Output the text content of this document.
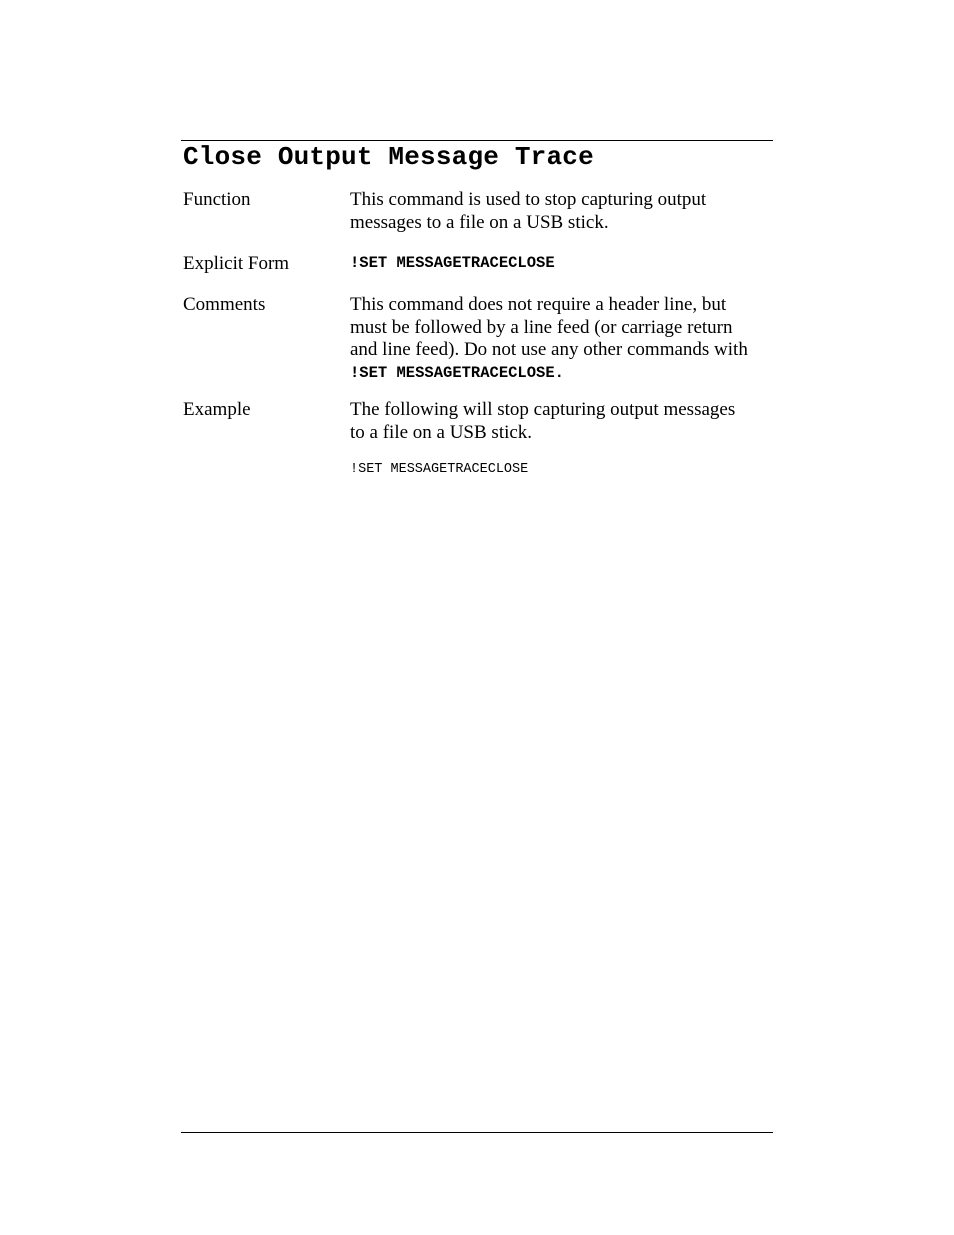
Close Output Message Trace
Function	This command is used to stop capturing output
messages to a file on a USB stick.
Explicit Form	!SET MESSAGETRACECLOSE
Comments	This command does not require a header line, but
must be followed by a line feed (or carriage return
and line feed). Do not use any other commands with
!SET MESSAGETRACECLOSE.
Example	The following will stop capturing output messages
to a file on a USB stick.
!SET MESSAGETRACECLOSE
